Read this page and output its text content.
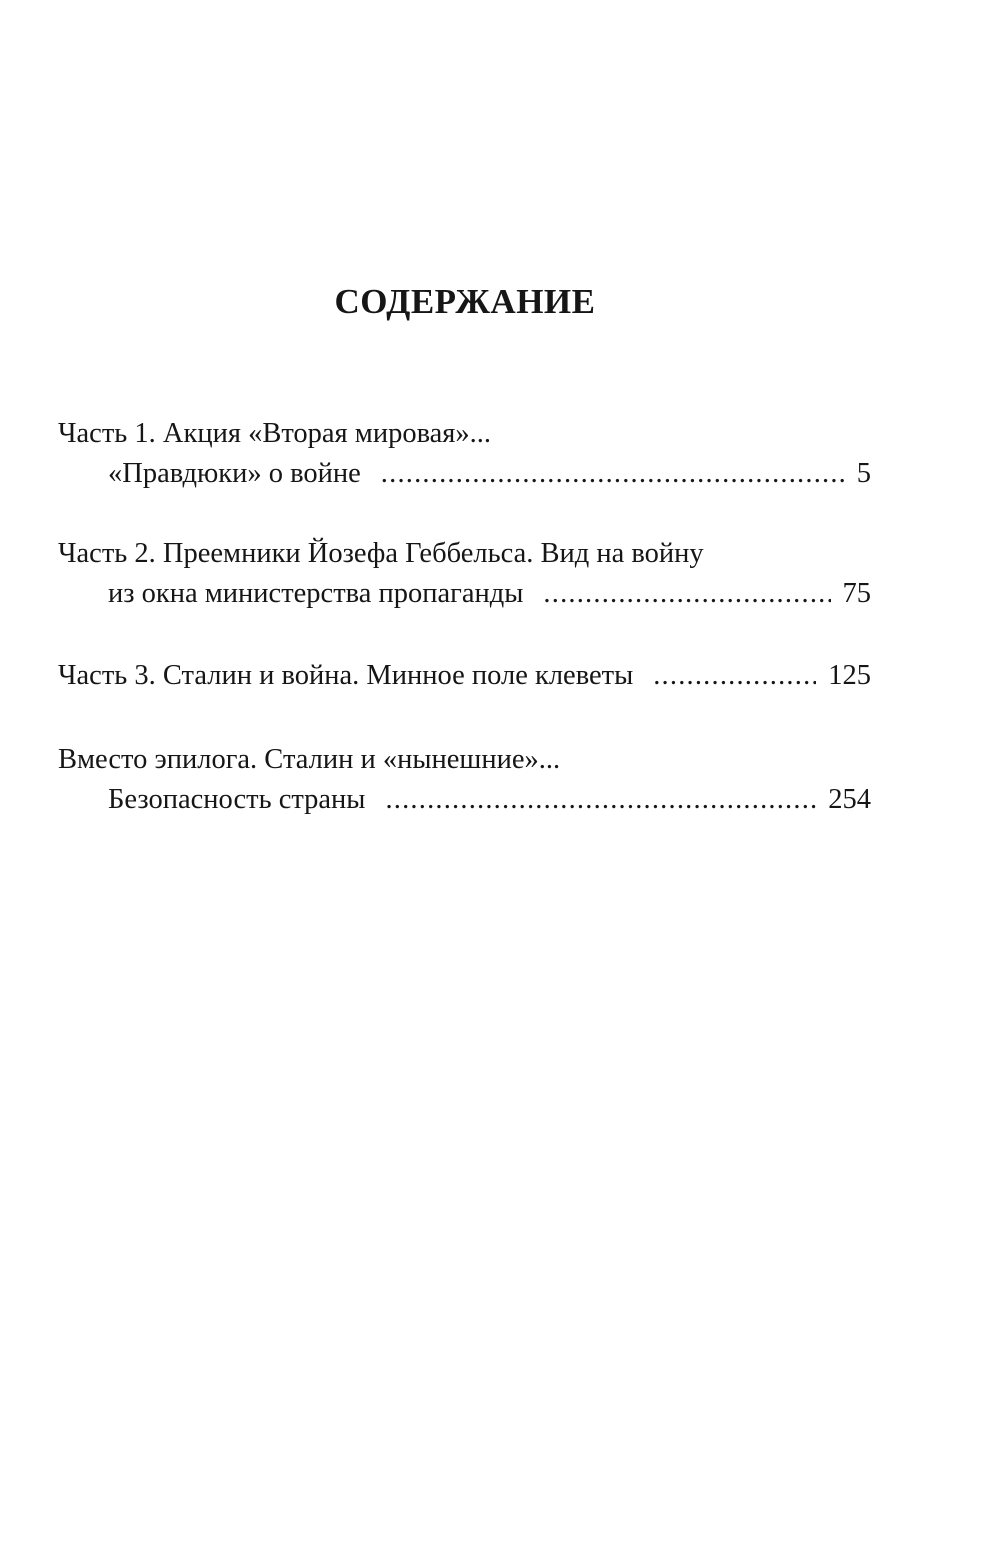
СОДЕРЖАНИЕ
Часть 1. Акция «Вторая мировая»...
«Правдюки» о войне .....	5
Часть 2. Преемники Йозефа Геббельса. Вид на войну
из окна министерства пропаганды .....	75
Часть 3. Сталин и война. Минное поле клеветы .....	125
Вместо эпилога. Сталин и «нынешние»...
Безопасность страны .....	254
